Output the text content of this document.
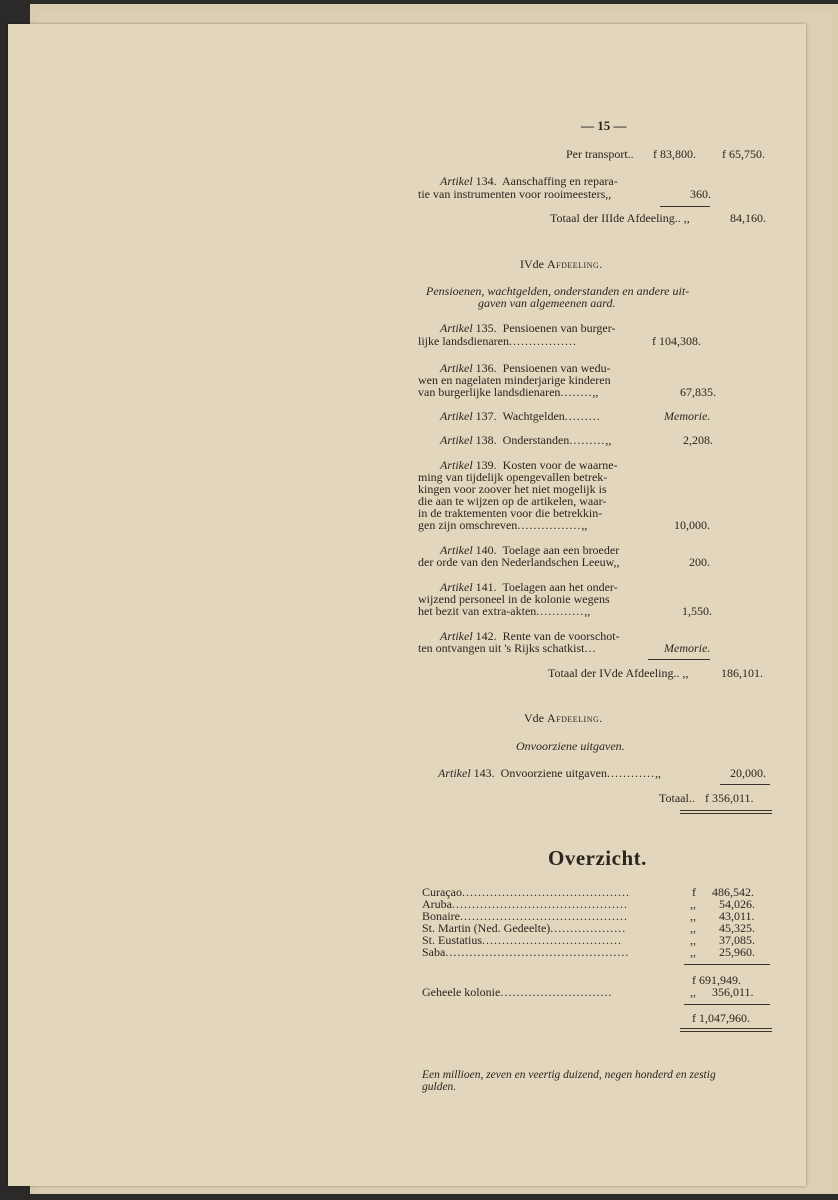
— 15 —
Per transport.. f 83,800. f 65,750.
Artikel 134. Aanschaffing en repara-
tie van instrumenten voor rooimeesters,,	360.
Totaal der IIIde Afdeeling.. ,,	84,160.
IVde Afdeeling.
Pensioenen, wachtgelden, onderstanden en andere uit-
gaven van algemeenen aard.
Artikel 135. Pensioenen van burger-
lijke landsdienaren.................	f 104,308.
Artikel 136. Pensioenen van wedu-
wen en nagelaten minderjarige kinderen
van burgerlijke landsdienaren........,,	67,835.
Artikel 137. Wachtgelden.........	Memorie.
Artikel 138. Onderstanden.........,,	2,208.
Artikel 139. Kosten voor de waarne-
ming van tijdelijk opengevallen betrek-
kingen voor zoover het niet mogelijk is
die aan te wijzen op de artikelen, waar-
in de traktementen voor die betrekkin-
gen zijn omschreven................,,	10,000.
Artikel 140. Toelage aan een broeder
der orde van den Nederlandschen Leeuw,,	200.
Artikel 141. Toelagen aan het onder-
wijzend personeel in de kolonie wegens
het bezit van extra-akten............,,	1,550.
Artikel 142. Rente van de voorschot-
ten ontvangen uit 's Rijks schatkist...	Memorie.
Totaal der IVde Afdeeling.. ,,	186,101.
Vde Afdeeling.
Onvoorziene uitgaven.
Artikel 143. Onvoorziene uitgaven............,,	20,000.
Totaal.. f 356,011.
Overzicht.
Curaçao..........................................	f 486,542.
Aruba............................................	,, 54,026.
Bonaire..........................................	,, 43,011.
St. Martin (Ned. Gedeelte)...................	,, 45,325.
St. Eustatius...................................	,, 37,085.
Saba..............................................	,, 25,960.
f 691,949.
Geheele kolonie............................	,, 356,011.
f 1,047,960.
Een millioen, zeven en veertig duizend, negen honderd en zestig
gulden.
